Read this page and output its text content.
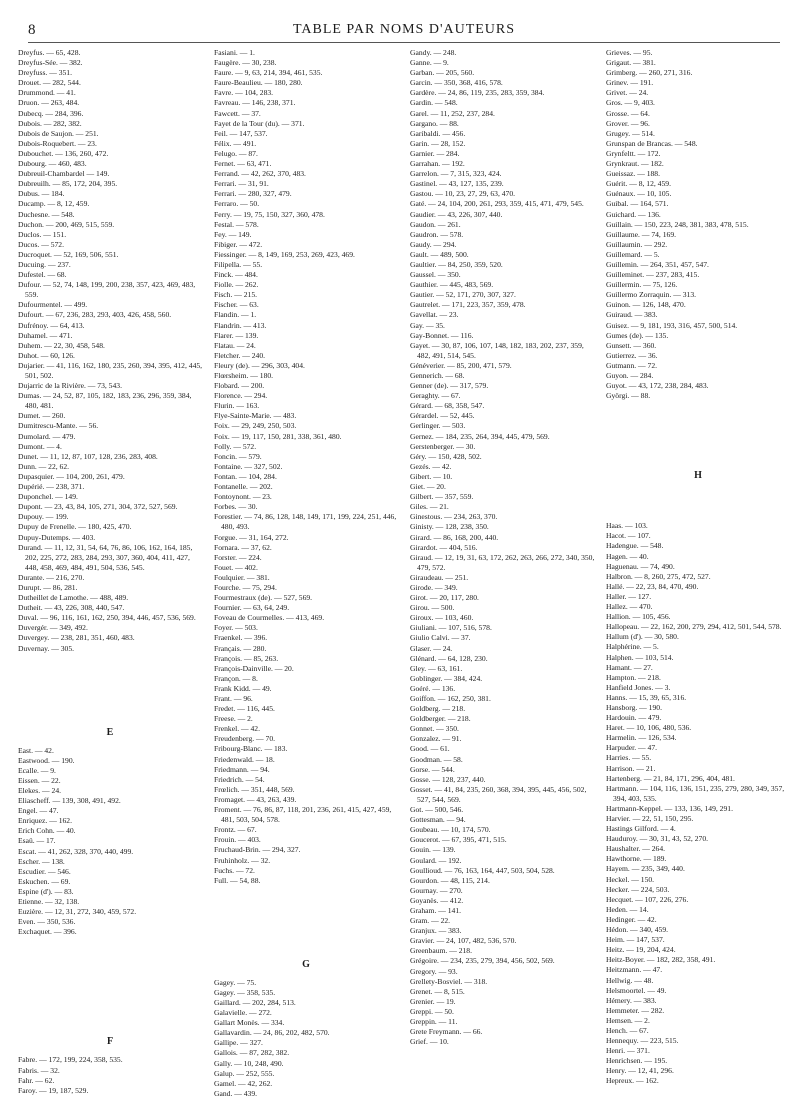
8	TABLE PAR NOMS D'AUTEURS
Dreyfus. — 65, 428.
Dreyfus-Sée. — 382.
Dreyfuss. — 351.
Drouet. — 282, 544.
Drummond. — 41.
Druon. — 263, 484.
Dubecq. — 284, 396.
Dubois. — 282, 382.
Dubois de Saujon. — 251.
Dubois-Roquebert. — 23.
Dubouchet. — 136, 260, 472.
Dubourg. — 460, 483.
Dubreuil-Chambardel — 149.
Dubreuilh. — 85, 172, 204, 395.
Dubus. — 184.
Ducamp. — 8, 12, 459.
Duchesne. — 548.
Duchon. — 200, 469, 515, 559.
Duclos. — 151.
Ducos. — 572.
Ducroquet. — 52, 169, 506, 551.
Ducuing. — 237.
Dufestel. — 68.
Dufour. — 52, 74, 148, 199, 200, 238, 357, 423, 469, 483, 559.
Dufourmentel. — 499.
Dufourt. — 67, 236, 283, 293, 403, 426, 458, 560.
Dufrénoy. — 64, 413.
Duhamel. — 471.
Duhem. — 22, 30, 458, 548.
Duhot. — 60, 126.
Dujarier. — 41, 116, 162, 180, 235, 260, 394, 395, 412, 445, 501, 502.
Dujarric de la Rivière. — 73, 543.
Dumas. — 24, 52, 87, 105, 182, 183, 236, 296, 359, 384, 480, 481.
Dumet. — 260.
Dumitrescu-Mante. — 56.
Dumolard. — 479.
Dumont. — 4.
Dunet. — 11, 12, 87, 107, 128, 236, 283, 408.
Dunn. — 22, 62.
Dupasquier. — 104, 200, 261, 479.
Dupérié. — 238, 371.
Duponchel. — 149.
Dupont. — 23, 43, 84, 105, 271, 304, 372, 527, 569.
Dupouy. — 199.
Dupuy de Frenelle. — 180, 425, 470.
Dupuy-Dutemps. — 403.
Durand. — 11, 12, 31, 54, 64, 76, 86, 106, 162, 164, 185, 202, 225, 272, 283, 284, 293, 307, 360, 404, 411, 427, 448, 458, 469, 484, 491, 504, 536, 545.
Durante. — 216, 270.
Durupt. — 86, 281.
Dutheillet de Lamothe. — 488, 489.
Dutheit. — 43, 226, 308, 440, 547.
Duval. — 96, 116, 161, 162, 250, 394, 446, 457, 536, 569.
Duvergér. — 349, 492.
Duvergey. — 238, 281, 351, 460, 483.
Duvernay. — 305.
E
East. — 42.
Eastwood. — 190.
Ecalle. — 9.
Eissen. — 22.
Elekes. — 24.
Eliascheff. — 139, 308, 491, 492.
Engel. — 47.
Enriquez. — 162.
Erich Cohn. — 40.
Esaü. — 17.
Escat. — 41, 262, 328, 370, 440, 499.
Escher. — 138.
Escudier. — 546.
Eskuchen. — 69.
Espine (d'). — 83.
Etienne. — 32, 138.
Euzière. — 12, 31, 272, 340, 459, 572.
Even. — 350, 536.
Exchaquet. — 396.
F
Fabre. — 172, 199, 224, 358, 535.
Fabris. — 32.
Fahr. — 62.
Faroy. — 19, 187, 529.
Fasiani. — 1.
Faugère. — 30, 238.
Faure. — 9, 63, 214, 394, 461, 535.
Faure-Beaulieu. — 180, 280.
Favre. — 104, 283.
Favreau. — 146, 238, 371.
Fawcett. — 37.
Fayet de la Tour (du). — 371.
Feil. — 147, 537.
Félix. — 491.
Felugo. — 87.
Fernet. — 63, 471.
Ferrand. — 42, 262, 370, 483.
Ferrari. — 31, 91.
Ferrari. — 280, 327, 479.
Ferraro. — 50.
Ferry. — 19, 75, 150, 327, 360, 478.
Festal. — 578.
Fey. — 149.
Fibiger. — 472.
Fiessinger. — 8, 149, 169, 253, 269, 423, 469.
Filipella. — 55.
Finck. — 484.
Fiolle. — 262.
Fisch. — 215.
Fischer. — 63.
Flandin. — 1.
Flandrin. — 413.
Flarer. — 139.
Flatau. — 24.
Fletcher. — 240.
Fleury (de). — 296, 303, 404.
Flœrsheim. — 180.
Flobard. — 200.
Florence. — 294.
Flurin. — 163.
Flye-Sainte-Marie. — 483.
Foix. — 29, 249, 250, 503.
Foix. — 19, 117, 150, 281, 338, 361, 480.
Folly. — 572.
Foncin. — 579.
Fontaine. — 327, 502.
Fontan. — 104, 284.
Fontanelle. — 202.
Fontoynont. — 23.
Forbes. — 30.
Forestier. — 74, 86, 128, 148, 149, 171, 199, 224, 251, 446, 480, 493.
Forgue. — 31, 164, 272.
Fornara. — 37, 62.
Forster. — 224.
Fouet. — 402.
Foulquier. — 381.
Fourche. — 75, 294.
Fourmestraux (de). — 527, 569.
Fournier. — 63, 64, 249.
Foveau de Courmelles. — 413, 469.
Foyer. — 503.
Fraenkel. — 396.
Français. — 280.
François. — 85, 263.
François-Dainville. — 20.
Françon. — 8.
Frank Kidd. — 49.
Frant. — 96.
Fredet. — 116, 445.
Freese. — 2.
Frenkel. — 42.
Freudenberg. — 70.
Fribourg-Blanc. — 183.
Friedenwald. — 18.
Friedmann. — 94.
Friedrich. — 54.
Frœlich. — 351, 448, 569.
Fromaget. — 43, 263, 439.
Froment. — 76, 86, 87, 118, 201, 236, 261, 415, 427, 459, 481, 503, 504, 578.
Frontz. — 67.
Frouin. — 403.
Fruchaud-Brin. — 294, 327.
Fruhinholz. — 32.
Fuchs. — 72.
Full. — 54, 88.
G
Gagey. — 75.
Gagey. — 358, 535.
Gaillard. — 202, 284, 513.
Galavielle. — 272.
Gallart Monès. — 334.
Gallavardin. — 24, 86, 202, 482, 570.
Gallipe. — 327.
Gallois. — 87, 282, 382.
Gally. — 10, 248, 490.
Galup. — 252, 555.
Gamel. — 42, 262.
Gand. — 439.
Gandy. — 248.
Ganne. — 9.
Garban. — 205, 560.
Garcin. — 350, 368, 416, 578.
Gardère. — 24, 86, 119, 235, 283, 359, 384.
Gardin. — 548.
Garel. — 11, 252, 237, 284.
Gargano. — 88.
Garibaldi. — 456.
Garin. — 28, 152.
Garnier. — 284.
Garrahan. — 192.
Garrelon. — 7, 315, 323, 424.
Gastinel. — 43, 127, 135, 239.
Gastou. — 10, 23, 27, 29, 63, 470.
Gaté. — 24, 104, 200, 261, 293, 359, 415, 471, 479, 545.
Gaudier. — 43, 226, 307, 440.
Gaudon. — 261.
Gaudron. — 578.
Gaudy. — 294.
Gault. — 489, 500.
Gaultier. — 84, 250, 359, 520.
Gaussel. — 350.
Gauthier. — 445, 483, 569.
Gautier. — 52, 171, 270, 307, 327.
Gautrelet. — 171, 223, 357, 359, 478.
Gavellat. — 23.
Gay. — 35.
Gay-Bonnet. — 116.
Gayet. — 30, 87, 106, 107, 148, 182, 183, 202, 237, 359, 482, 491, 514, 545.
Généverier. — 85, 200, 471, 579.
Gennerich. — 68.
Genner (de). — 317, 579.
Geraghty. — 67.
Gérard. — 68, 358, 547.
Gérardel. — 52, 445.
Gerlinger. — 503.
Gernez. — 184, 235, 264, 394, 445, 479, 569.
Gerstenberger. — 30.
Géry. — 150, 428, 502.
Gezés. — 42.
Gibert. — 10.
Giet. — 20.
Gilbert. — 357, 559.
Giles. — 21.
Ginestous. — 234, 263, 370.
Ginisty. — 128, 238, 350.
Girard. — 86, 168, 200, 440.
Girardot. — 404, 516.
Giraud. — 12, 19, 31, 63, 172, 262, 263, 266, 272, 340, 350, 479, 572.
Giraudeau. — 251.
Girode. — 349.
Girot. — 20, 117, 280.
Girou. — 500.
Giroux. — 103, 460.
Giuliani. — 107, 516, 578.
Giulio Calvi. — 37.
Glaser. — 24.
Glénard. — 64, 128, 230.
Gley. — 63, 161.
Goblinger. — 384, 424.
Goéré. — 136.
Goiffon. — 162, 250, 381.
Goldberg. — 218.
Goldberger. — 218.
Gonnet. — 350.
Gonzalez. — 91.
Good. — 61.
Goodman. — 58.
Gorse. — 544.
Gosse. — 128, 237, 440.
Gosset. — 41, 84, 235, 260, 368, 394, 395, 445, 456, 502, 527, 544, 569.
Got. — 500, 546.
Gottesman. — 94.
Goubeau. — 10, 174, 570.
Goucerot. — 67, 395, 471, 515.
Gouin. — 139.
Goulard. — 192.
Goullioud. — 76, 163, 164, 447, 503, 504, 528.
Gourdon. — 48, 115, 214.
Gournay. — 270.
Goyanès. — 412.
Graham. — 141.
Gram. — 22.
Granjux. — 383.
Gravier. — 24, 107, 482, 536, 570.
Greenbaum. — 218.
Grégoire. — 234, 235, 279, 394, 456, 502, 569.
Gregory. — 93.
Grellety-Bosviel. — 318.
Grenet. — 8, 515.
Grenier. — 19.
Greppi. — 50.
Greppin. — 11.
Grete Freymann. — 66.
Grief. — 10.
Grieves. — 95.
Grigaut. — 381.
Grimberg. — 260, 271, 316.
Grinev. — 191.
Grivet. — 24.
Gros. — 9, 403.
Grosse. — 64.
Grover. — 96.
Grugey. — 514.
Grunspan de Brancas. — 548.
Grynfeltt. — 172.
Grynkraut. — 182.
Gueissaz. — 188.
Guérit. — 8, 12, 459.
Guénaux. — 10, 105.
Guibal. — 164, 571.
Guichard. — 136.
Guillain. — 150, 223, 248, 381, 383, 478, 515.
Guillaume. — 74, 169.
Guillaumin. — 292.
Guillemard. — 5.
Guillemin. — 264, 351, 457, 547.
Guilleminet. — 237, 283, 415.
Guillermin. — 75, 126.
Guillermo Zorraquin. — 313.
Guinon. — 126, 148, 470.
Guiraud. — 383.
Guisez. — 9, 181, 193, 316, 457, 500, 514.
Gumes (de). — 135.
Gunsett. — 360.
Gutierrez. — 36.
Gutmann. — 72.
Guyon. — 284.
Guyot. — 43, 172, 238, 284, 483.
Györgi. — 88.
H
Haas. — 103.
Hacot. — 107.
Hadengue. — 548.
Hagen. — 40.
Haguenau. — 74, 490.
Halbron. — 8, 260, 275, 472, 527.
Hallé. — 22, 23, 84, 470, 490.
Haller. — 127.
Hallez. — 470.
Hallion. — 105, 456.
Hallopeau. — 22, 162, 200, 279, 294, 412, 501, 544, 578.
Hallum (d'). — 30, 580.
Halphérine. — 5.
Halphen. — 103, 514.
Hamant. — 27.
Hampton. — 218.
Hanfield Jones. — 3.
Hanns. — 15, 39, 65, 316.
Hansborg. — 190.
Hardouin. — 479.
Haret. — 10, 106, 480, 536.
Harmelin. — 126, 534.
Harpuder. — 47.
Harries. — 55.
Harrison. — 21.
Hartenberg. — 21, 84, 171, 296, 404, 481.
Hartmann. — 104, 116, 136, 151, 235, 279, 280, 349, 357, 394, 403, 535.
Hartmann-Keppel. — 133, 136, 149, 291.
Harvier. — 22, 51, 150, 295.
Hastings Gilford. — 4.
Hauduroy. — 30, 31, 43, 52, 270.
Haushalter. — 264.
Hawthorne. — 189.
Hayem. — 235, 349, 440.
Heckel. — 150.
Hecker. — 224, 503.
Hecquet. — 107, 226, 276.
Heden. — 14.
Hedinger. — 42.
Hédon. — 340, 459.
Heim. — 147, 537.
Heitz. — 19, 204, 424.
Heitz-Boyer. — 182, 282, 358, 491.
Heitzmann. — 47.
Hellwig. — 48.
Helsmoortel. — 49.
Hémery. — 383.
Hemmeter. — 282.
Hemsen. — 2.
Hench. — 67.
Hennequy. — 223, 515.
Henri. — 371.
Henrichsen. — 195.
Henry. — 12, 41, 296.
Hepreux. — 162.
